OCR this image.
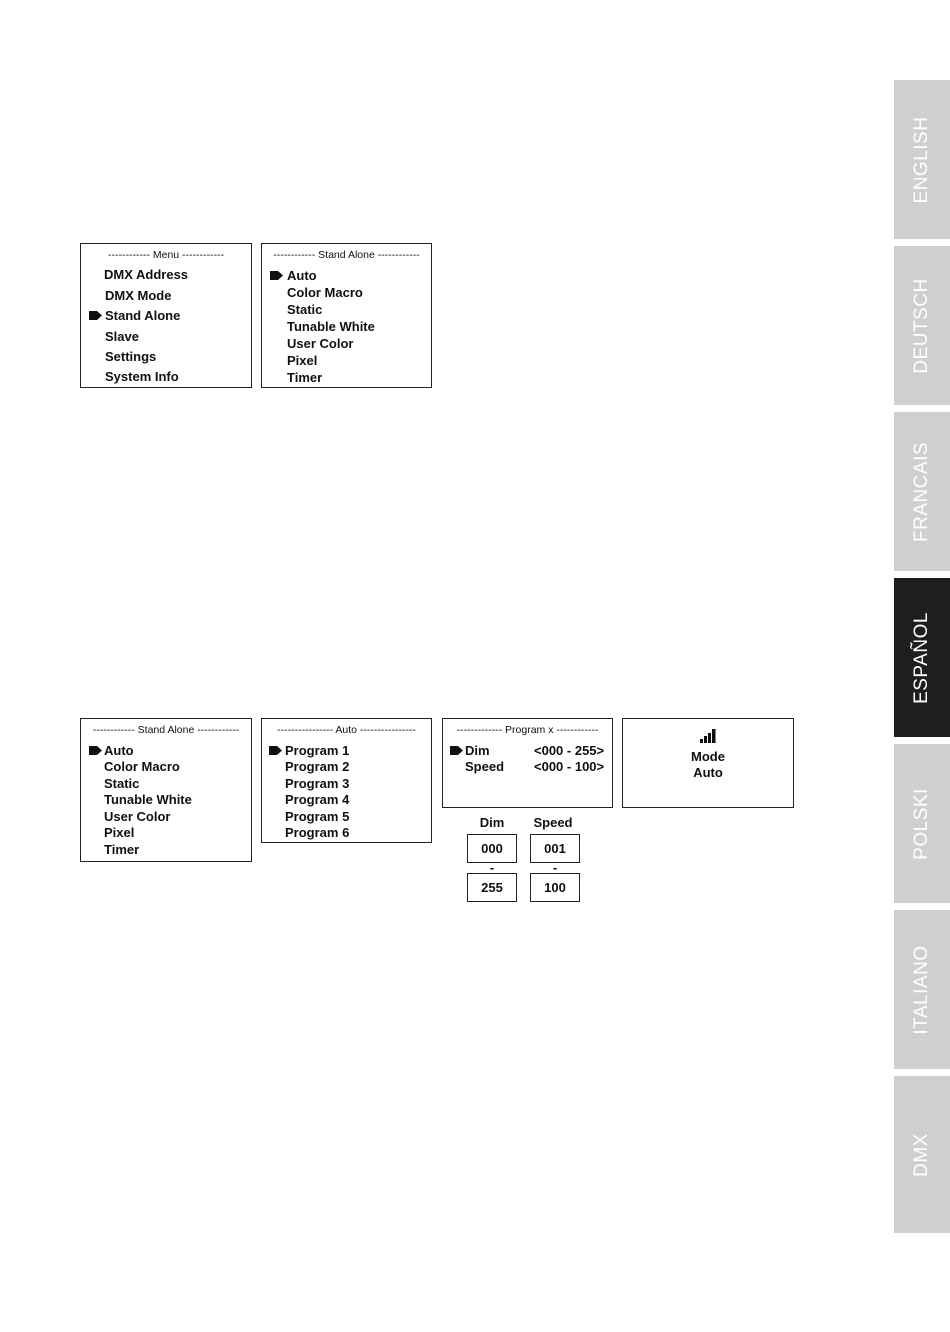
------------ Menu ------------
DMX Address
DMX Mode
Stand Alone
Slave
Settings
System Info
------------ Stand Alone ------------
Auto
Color Macro
Static
Tunable White
User Color
Pixel
Timer
------------ Stand Alone ------------
Auto
Color Macro
Static
Tunable White
User Color
Pixel
Timer
---------------- Auto ----------------
Program 1
Program 2
Program 3
Program 4
Program 5
Program 6
------------- Program x ------------
Dim	<000 - 255>
Speed <000 - 100>
Mode
Auto
Dim	Speed
000	001
-	-
255	100
ENGLISH
DEUTSCH
FRANCAIS
ESPAÑOL
POLSKI
ITALIANO
DMX
